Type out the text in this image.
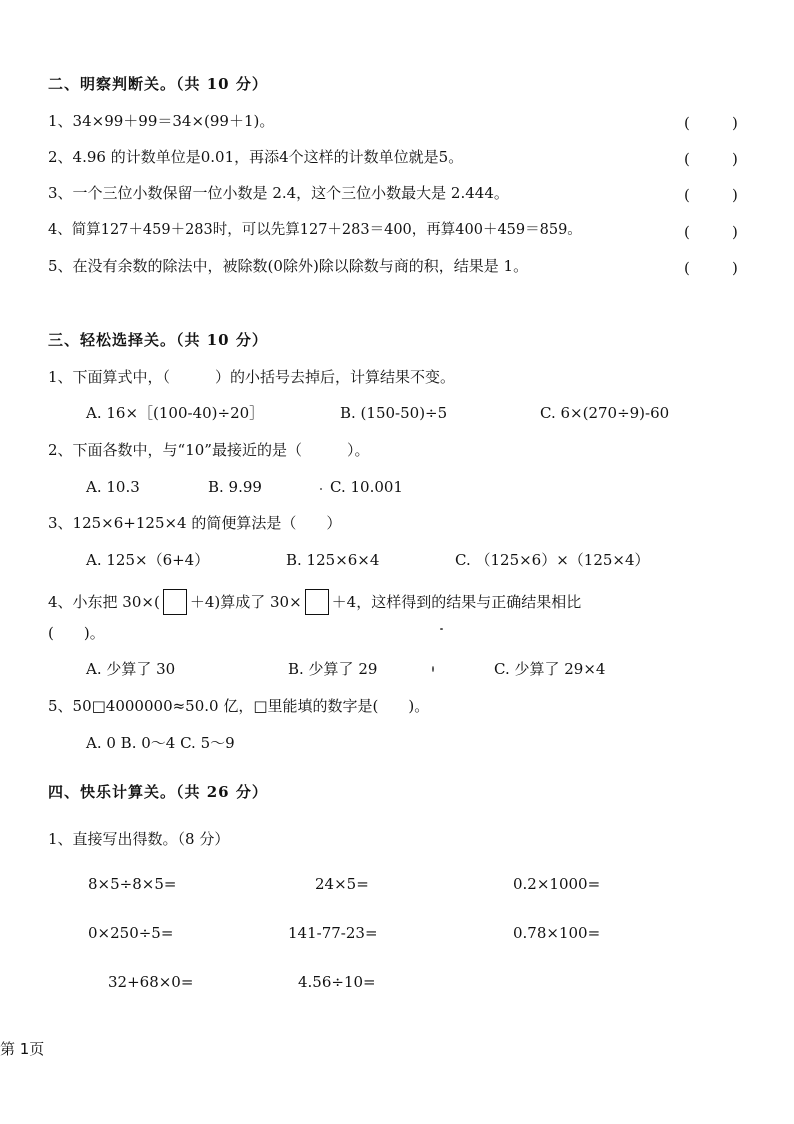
二、明察判断关。（共 10 分）
1、34×99＋99＝34×(99＋1)。	(	)
2、4.96 的计数单位是0.01，再添4个这样的计数单位就是5。	(	)
3、一个三位小数保留一位小数是 2.4，这个三位小数最大是 2.444。	(	)
4、简算127＋459＋283时，可以先算127＋283＝400，再算400＋459＝859。	(	)
5、在没有余数的除法中，被除数(0除外)除以除数与商的积，结果是 1。	(	)
三、轻松选择关。（共 10 分）
1、下面算式中，（　　　）的小括号去掉后，计算结果不变。
A. 16×［(100-40)÷20］	B. (150-50)÷5	C. 6×(270÷9)-60
2、下面各数中，与“10”最接近的是（　　　）。
A. 10.3	B. 9.99	C. 10.001
3、125×6+125×4 的简便算法是（　　）
A. 125×（6+4）	B. 125×6×4	C. （125×6）×（125×4）
4、小东把 30×( ＋4)算成了 30× ＋4，这样得到的结果与正确结果相比
(　　)。
A. 少算了 30	B. 少算了 29	C. 少算了 29×4
5、50□4000000≈50.0 亿，□里能填的数字是(　　)。
A. 0 B. 0～4 C. 5～9
四、快乐计算关。（共 26 分）
1、直接写出得数。（8 分）
8×5÷8×5=	24×5=	0.2×1000=
0×250÷5=	141-77-23=	0.78×100=
32+68×0=	4.56÷10=
第 1页
